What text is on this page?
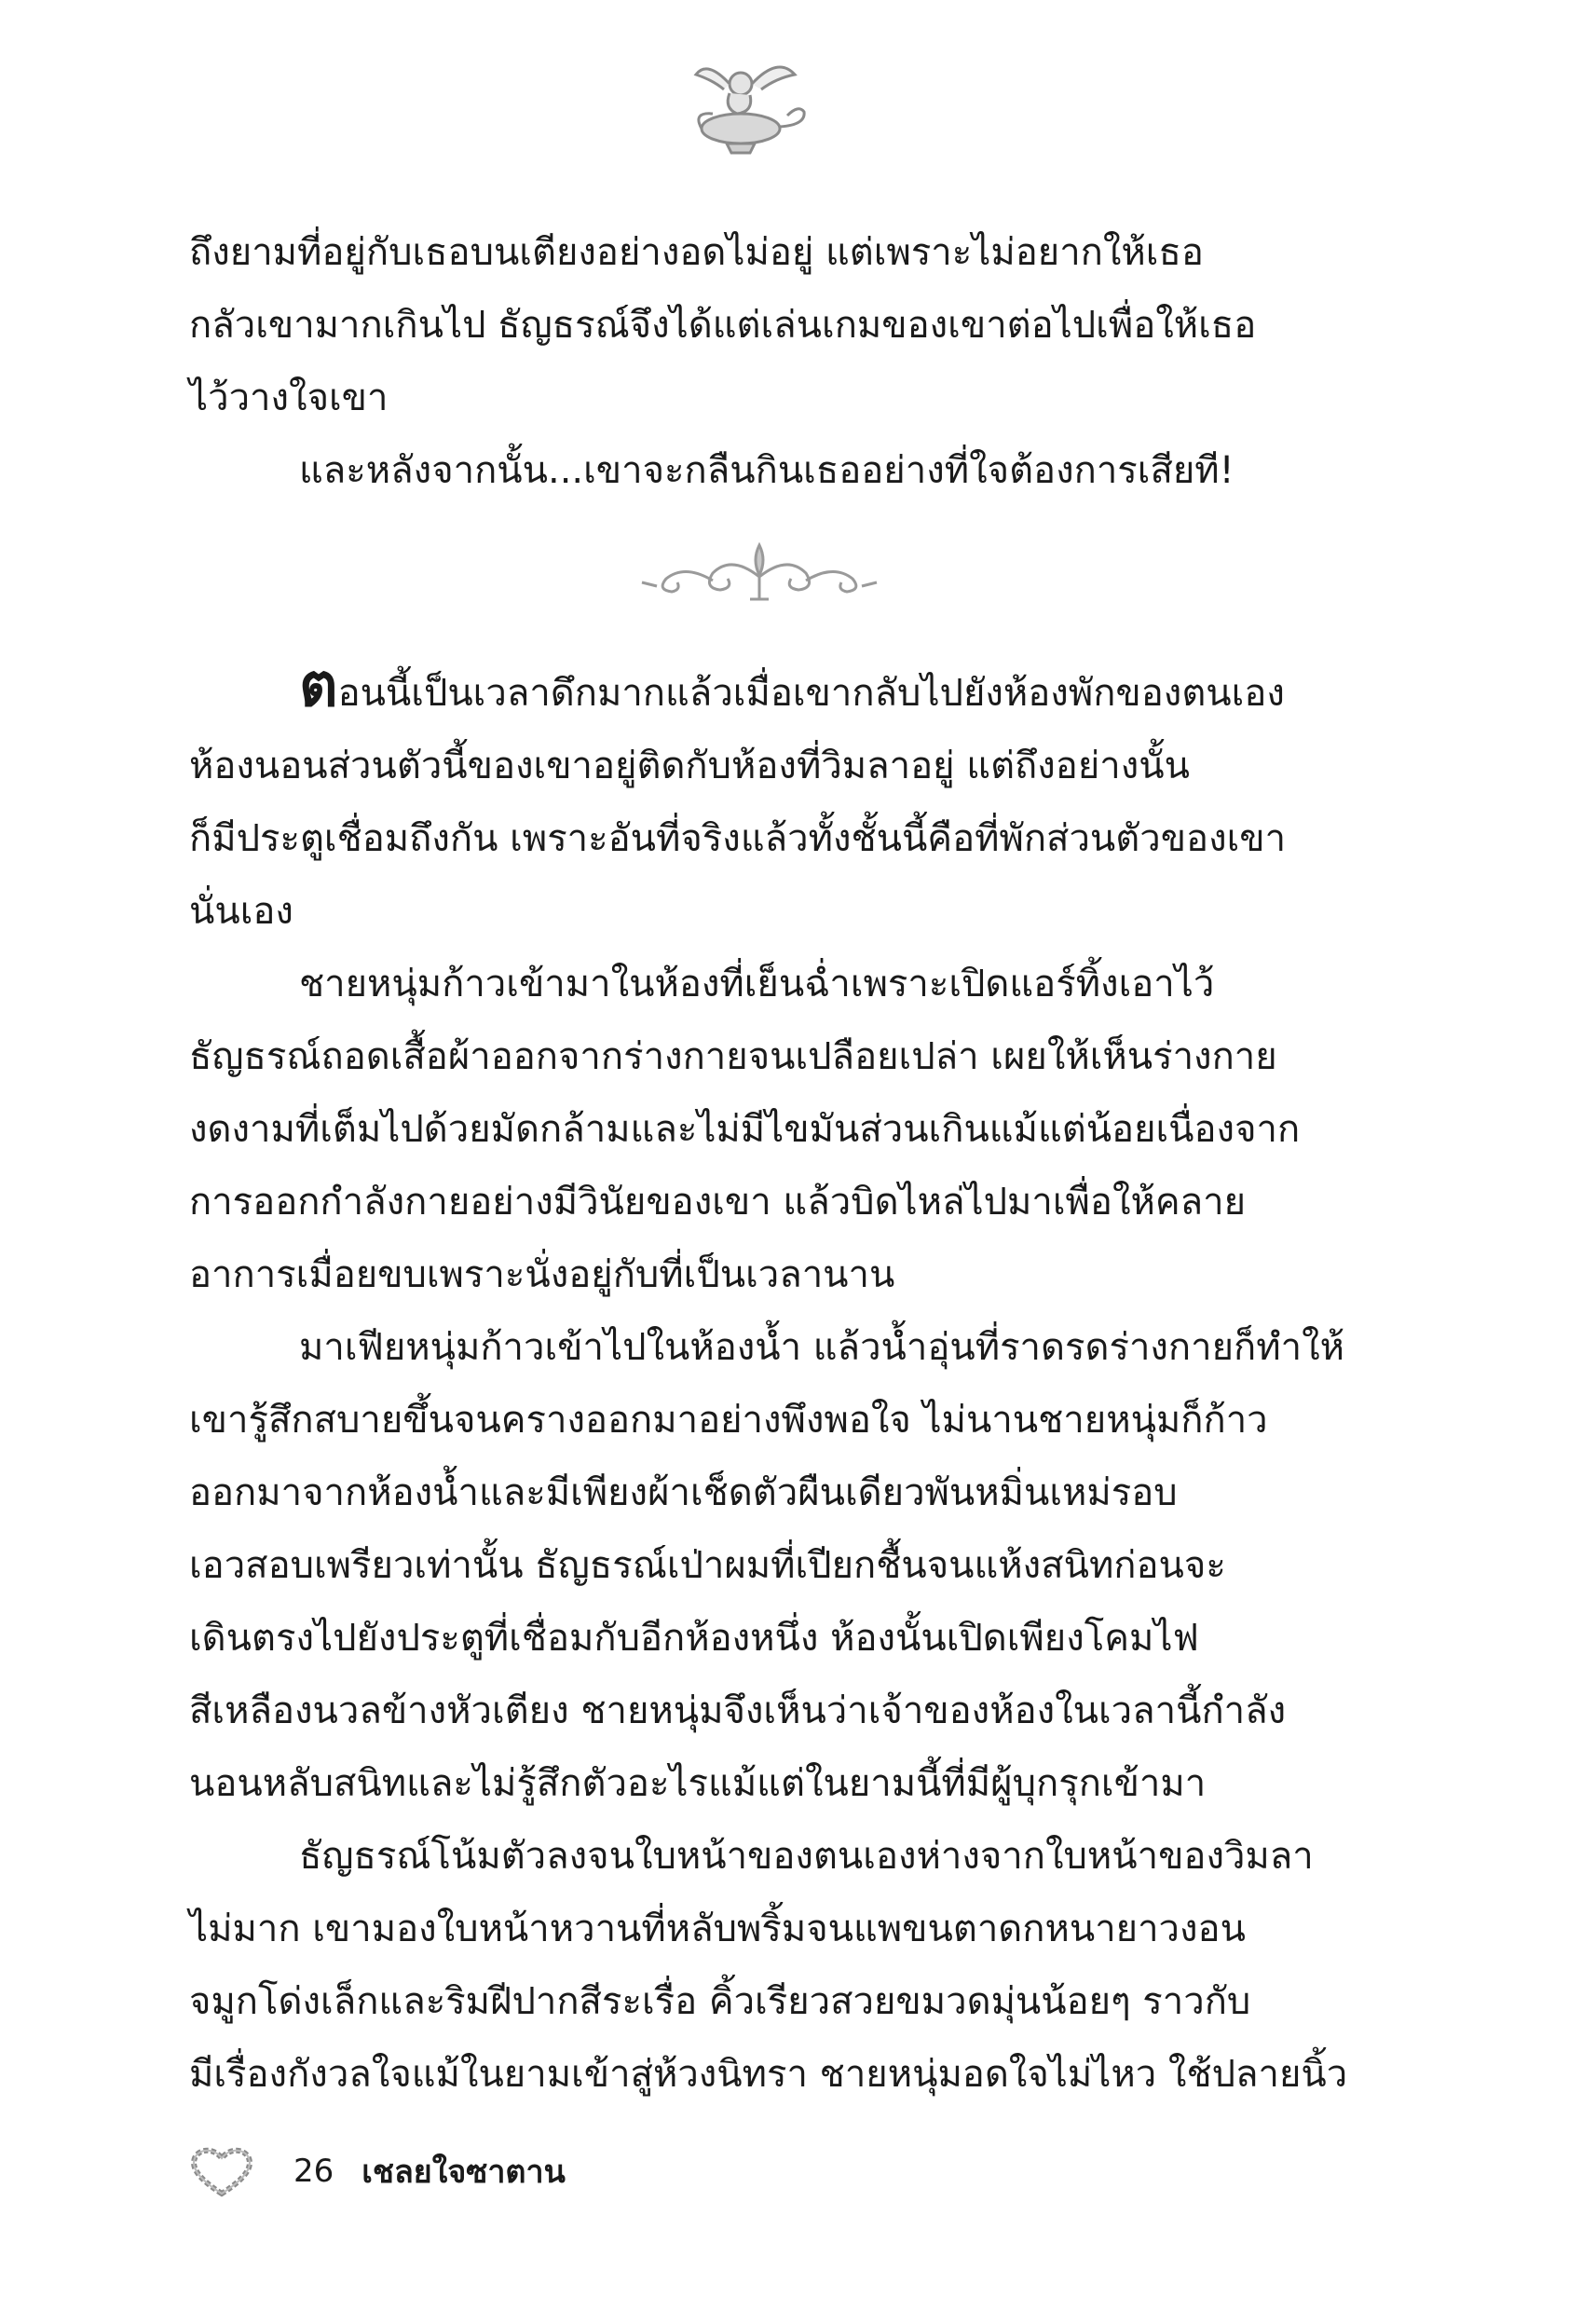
ถึงยามที่อยู่กับเธอบนเตียงอย่างอดไม่อยู่ แต่เพราะไม่อยากให้เธอ
กลัวเขามากเกินไป ธัญธรณ์จึงได้แต่เล่นเกมของเขาต่อไปเพื่อให้เธอ
ไว้วางใจเขา
และหลังจากนั้น...เขาจะกลืนกินเธออย่างที่ใจต้องการเสียที!
ตอนนี้เป็นเวลาดึกมากแล้วเมื่อเขากลับไปยังห้องพักของตนเอง
ห้องนอนส่วนตัวนี้ของเขาอยู่ติดกับห้องที่วิมลาอยู่ แต่ถึงอย่างนั้น
ก็มีประตูเชื่อมถึงกัน เพราะอันที่จริงแล้วทั้งชั้นนี้คือที่พักส่วนตัวของเขา
นั่นเอง
ชายหนุ่มก้าวเข้ามาในห้องที่เย็นฉ่ำเพราะเปิดแอร์ทิ้งเอาไว้
ธัญธรณ์ถอดเสื้อผ้าออกจากร่างกายจนเปลือยเปล่า เผยให้เห็นร่างกาย
งดงามที่เต็มไปด้วยมัดกล้ามและไม่มีไขมันส่วนเกินแม้แต่น้อยเนื่องจาก
การออกกำลังกายอย่างมีวินัยของเขา แล้วบิดไหล่ไปมาเพื่อให้คลาย
อาการเมื่อยขบเพราะนั่งอยู่กับที่เป็นเวลานาน
มาเฟียหนุ่มก้าวเข้าไปในห้องน้ำ แล้วน้ำอุ่นที่ราดรดร่างกายก็ทำให้
เขารู้สึกสบายขึ้นจนครางออกมาอย่างพึงพอใจ ไม่นานชายหนุ่มก็ก้าว
ออกมาจากห้องน้ำและมีเพียงผ้าเช็ดตัวผืนเดียวพันหมิ่นเหม่รอบ
เอวสอบเพรียวเท่านั้น ธัญธรณ์เป่าผมที่เปียกชื้นจนแห้งสนิทก่อนจะ
เดินตรงไปยังประตูที่เชื่อมกับอีกห้องหนึ่ง ห้องนั้นเปิดเพียงโคมไฟ
สีเหลืองนวลข้างหัวเตียง ชายหนุ่มจึงเห็นว่าเจ้าของห้องในเวลานี้กำลัง
นอนหลับสนิทและไม่รู้สึกตัวอะไรแม้แต่ในยามนี้ที่มีผู้บุกรุกเข้ามา
ธัญธรณ์โน้มตัวลงจนใบหน้าของตนเองห่างจากใบหน้าของวิมลา
ไม่มาก เขามองใบหน้าหวานที่หลับพริ้มจนแพขนตาดกหนายาวงอน
จมูกโด่งเล็กและริมฝีปากสีระเรื่อ คิ้วเรียวสวยขมวดมุ่นน้อยๆ ราวกับ
มีเรื่องกังวลใจแม้ในยามเข้าสู่ห้วงนิทรา ชายหนุ่มอดใจไม่ไหว ใช้ปลายนิ้ว
26 เชลยใจซาตาน
